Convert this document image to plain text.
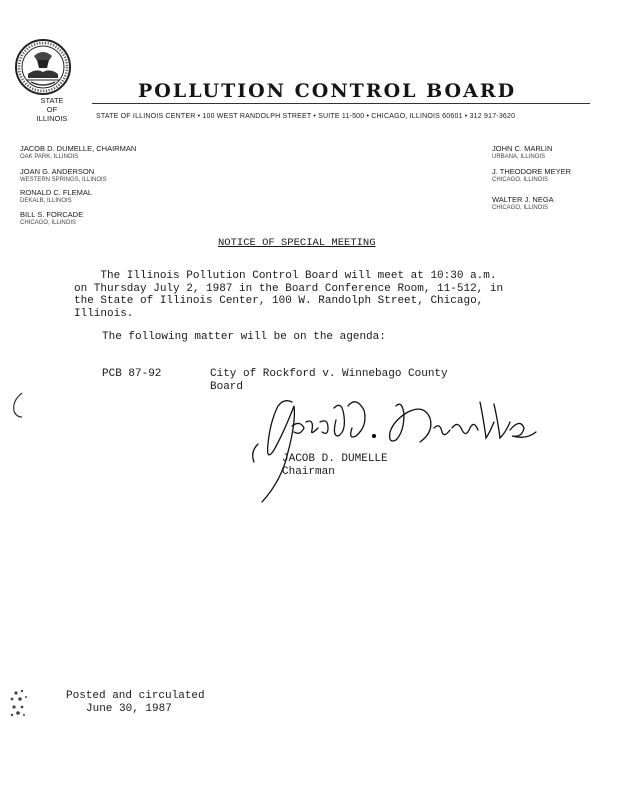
STATE
OF
ILLINOIS
POLLUTION CONTROL BOARD
STATE OF ILLINOIS CENTER • 100 WEST RANDOLPH STREET • SUITE 11-500 • CHICAGO, ILLINOIS 60601 • 312 917-3620
JACOB D. DUMELLE, CHAIRMAN
OAK PARK, ILLINOIS
JOAN G. ANDERSON
WESTERN SPRINGS, ILLINOIS
RONALD C. FLEMAL
DEKALB, ILLINOIS
BILL S. FORCADE
CHICAGO, ILLINOIS
JOHN C. MARLIN
URBANA, ILLINOIS
J. THEODORE MEYER
CHICAGO, ILLINOIS
WALTER J. NEGA
CHICAGO, ILLINOIS
NOTICE OF SPECIAL MEETING
The Illinois Pollution Control Board will meet at 10:30 a.m.
on Thursday July 2, 1987 in the Board Conference Room, 11-512, in
the State of Illinois Center, 100 W. Randolph Street, Chicago,
Illinois.
The following matter will be on the agenda:
PCB 87-92	City of Rockford v. Winnebago County
Board
JACOB D. DUMELLE
Chairman
Posted and circulated
June 30, 1987
